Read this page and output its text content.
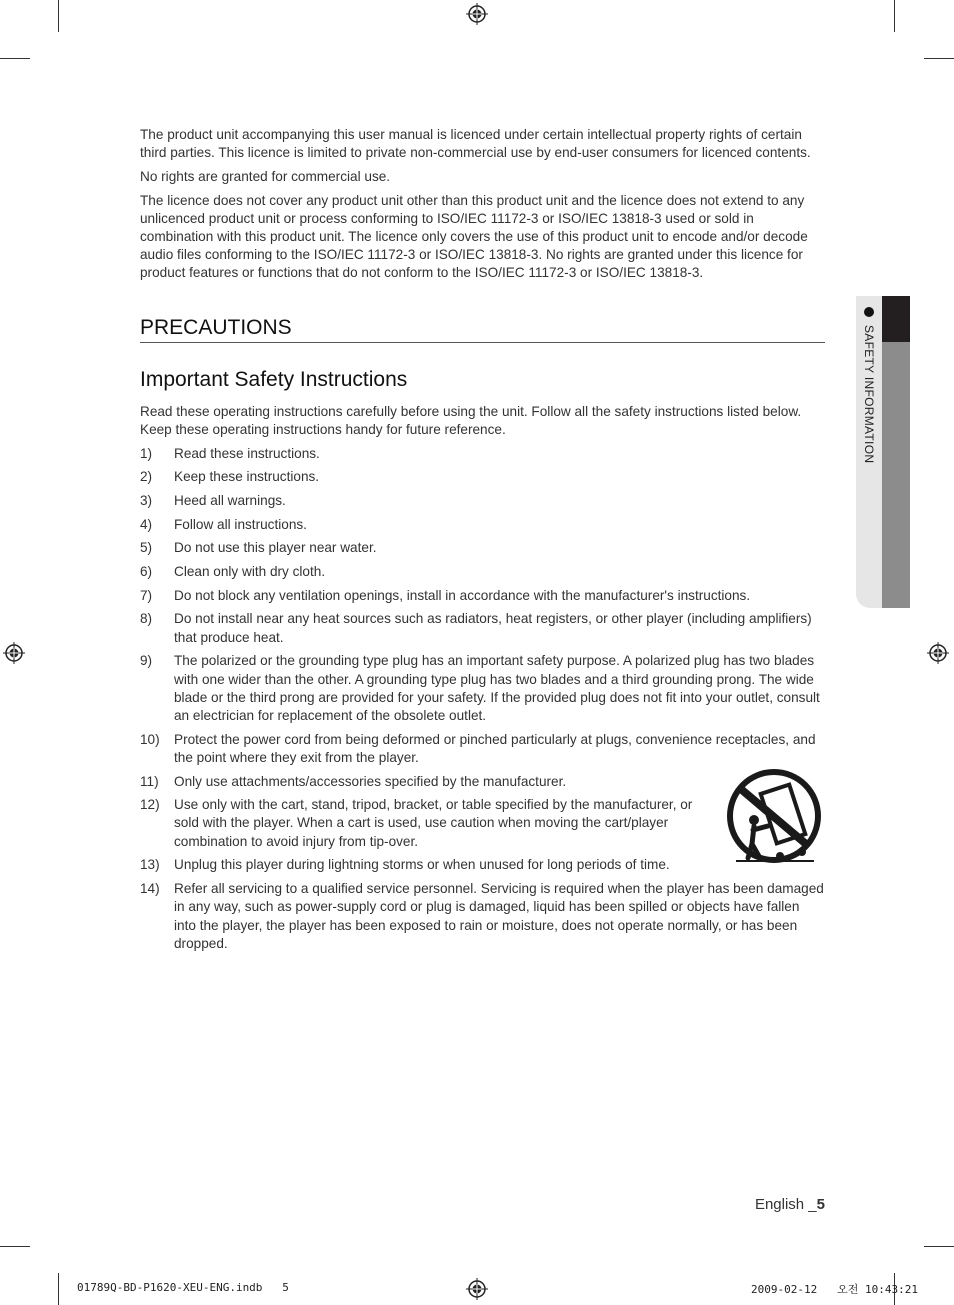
SAFETY INFORMATION

The product unit accompanying this user manual is licenced under certain intellectual property rights of certain third parties. This licence is limited to private non-commercial use by end-user consumers for licenced contents.

No rights are granted for commercial use.

The licence does not cover any product unit other than this product unit and the licence does not extend to any unlicenced product unit or process conforming to ISO/IEC 11172-3 or ISO/IEC 13818-3 used or sold in combination with this product unit. The licence only covers the use of this product unit to encode and/or decode audio files conforming to the ISO/IEC 11172-3 or ISO/IEC 13818-3. No rights are granted under this licence for product features or functions that do not conform to the ISO/IEC 11172-3 or ISO/IEC 13818-3.

PRECAUTIONS
Important Safety Instructions

Read these operating instructions carefully before using the unit. Follow all the safety instructions listed below. Keep these operating instructions handy for future reference.

1) Read these instructions.
2) Keep these instructions.
3) Heed all warnings.
4) Follow all instructions.
5) Do not use this player near water.
6) Clean only with dry cloth.
7) Do not block any ventilation openings, install in accordance with the manufacturer's instructions.
8) Do not install near any heat sources such as radiators, heat registers, or other player (including amplifiers) that produce heat.
9) The polarized or the grounding type plug has an important safety purpose. A polarized plug has two blades with one wider than the other. A grounding type plug has two blades and a third grounding prong. The wide blade or the third prong are provided for your safety. If the provided plug does not fit into your outlet, consult an electrician for replacement of the obsolete outlet.
10) Protect the power cord from being deformed or pinched particularly at plugs, convenience receptacles, and the point where they exit from the player.
11) Only use attachments/accessories specified by the manufacturer.
12) Use only with the cart, stand, tripod, bracket, or table specified by the manufacturer, or sold with the player. When a cart is used, use caution when moving the cart/player combination to avoid injury from tip-over.
13) Unplug this player during lightning storms or when unused for long periods of time.
14) Refer all servicing to a qualified service personnel. Servicing is required when the player has been damaged in any way, such as power-supply cord or plug is damaged, liquid has been spilled or objects have fallen into the player, the player has been exposed to rain or moisture, does not operate normally, or has been dropped.
English _5
01789Q-BD-P1620-XEU-ENG.indb   5	2009-02-12   오전 10:43:21
